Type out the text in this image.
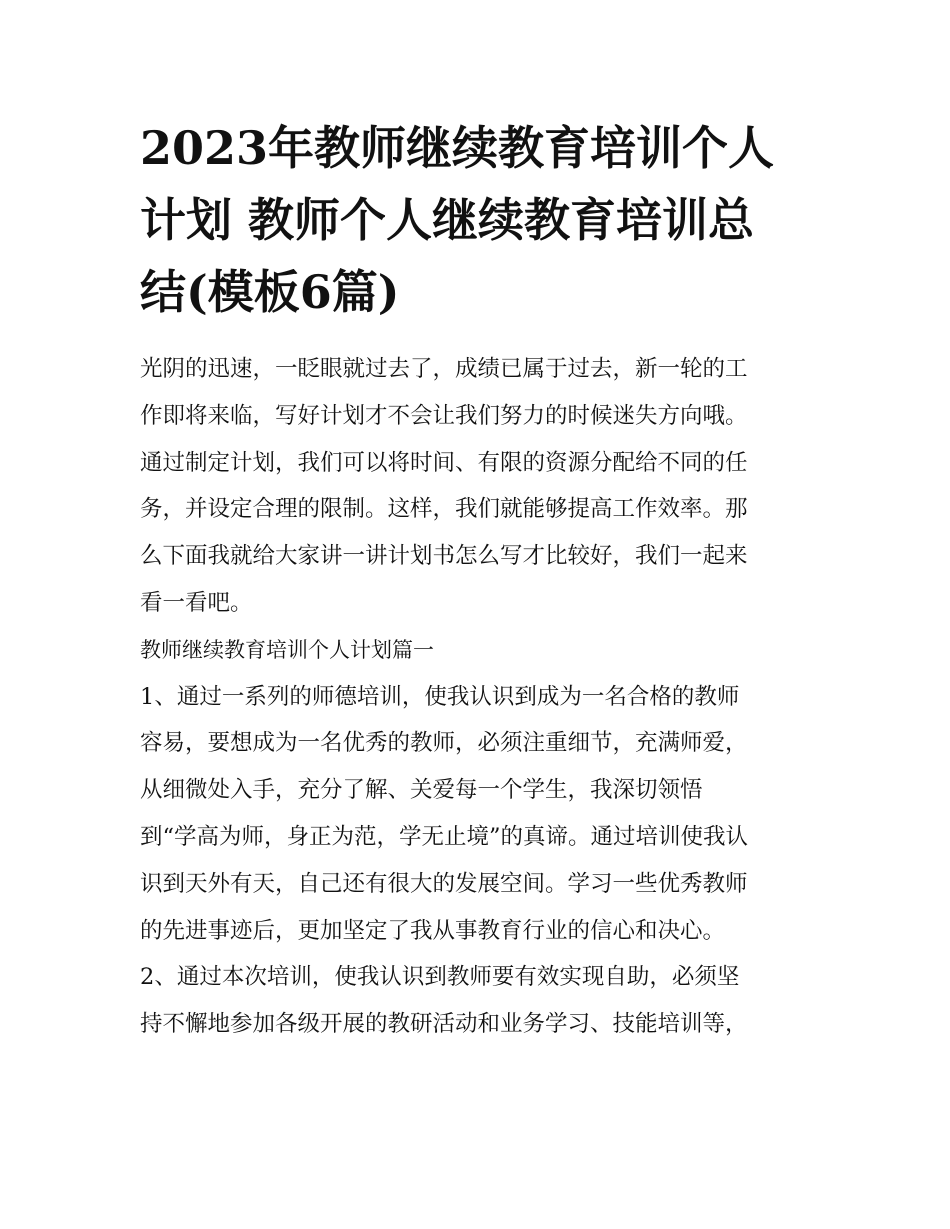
2023年教师继续教育培训个人
计划 教师个人继续教育培训总
结(模板6篇)
光阴的迅速，一眨眼就过去了，成绩已属于过去，新一轮的工
作即将来临，写好计划才不会让我们努力的时候迷失方向哦。
通过制定计划，我们可以将时间、有限的资源分配给不同的任
务，并设定合理的限制。这样，我们就能够提高工作效率。那
么下面我就给大家讲一讲计划书怎么写才比较好，我们一起来
看一看吧。
教师继续教育培训个人计划篇一
1、通过一系列的师德培训，使我认识到成为一名合格的教师
容易，要想成为一名优秀的教师，必须注重细节，充满师爱，
从细微处入手，充分了解、关爱每一个学生，我深切领悟
到“学高为师，身正为范，学无止境”的真谛。通过培训使我认
识到天外有天，自己还有很大的发展空间。学习一些优秀教师
的先进事迹后，更加坚定了我从事教育行业的信心和决心。
2、通过本次培训，使我认识到教师要有效实现自助，必须坚
持不懈地参加各级开展的教研活动和业务学习、技能培训等，
